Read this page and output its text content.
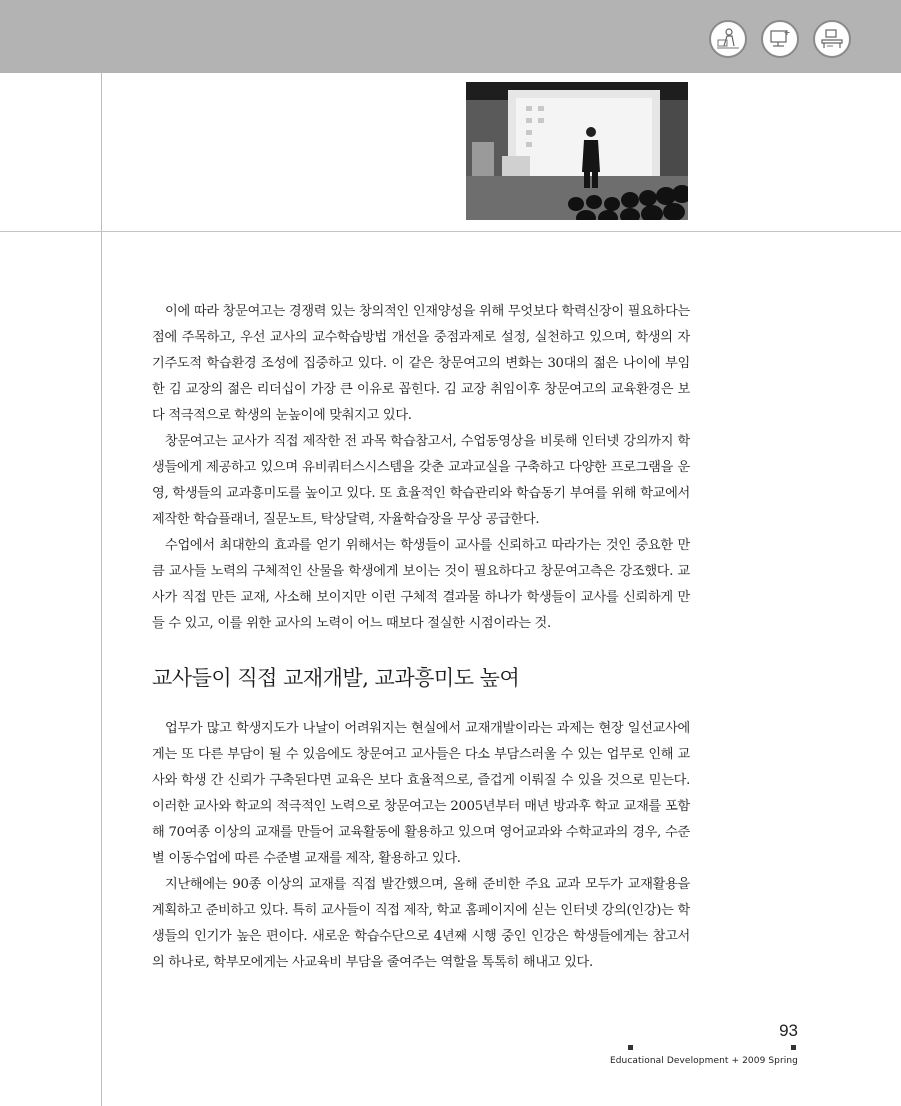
이에 따라 창문여고는 경쟁력 있는 창의적인 인재양성을 위해 무엇보다 학력신장이 필요하다는 점에 주목하고, 우선 교사의 교수학습방법 개선을 중점과제로 설정, 실천하고 있으며, 학생의 자기주도적 학습환경 조성에 집중하고 있다. 이 같은 창문여고의 변화는 30대의 젊은 나이에 부임한 김 교장의 젊은 리더십이 가장 큰 이유로 꼽힌다. 김 교장 취임이후 창문여고의 교육환경은 보다 적극적으로 학생의 눈높이에 맞춰지고 있다.

창문여고는 교사가 직접 제작한 전 과목 학습참고서, 수업동영상을 비롯해 인터넷 강의까지 학생들에게 제공하고 있으며 유비쿼터스시스템을 갖춘 교과교실을 구축하고 다양한 프로그램을 운영, 학생들의 교과흥미도를 높이고 있다. 또 효율적인 학습관리와 학습동기 부여를 위해 학교에서 제작한 학습플래너, 질문노트, 탁상달력, 자율학습장을 무상 공급한다.

수업에서 최대한의 효과를 얻기 위해서는 학생들이 교사를 신뢰하고 따라가는 것인 중요한 만큼 교사들 노력의 구체적인 산물을 학생에게 보이는 것이 필요하다고 창문여고측은 강조했다. 교사가 직접 만든 교재, 사소해 보이지만 이런 구체적 결과물 하나가 학생들이 교사를 신뢰하게 만들 수 있고, 이를 위한 교사의 노력이 어느 때보다 절실한 시점이라는 것.

교사들이 직접 교재개발, 교과흥미도 높여

업무가 많고 학생지도가 나날이 어려워지는 현실에서 교재개발이라는 과제는 현장 일선교사에게는 또 다른 부담이 될 수 있음에도 창문여고 교사들은 다소 부담스러울 수 있는 업무로 인해 교사와 학생 간 신뢰가 구축된다면 교육은 보다 효율적으로, 즐겁게 이뤄질 수 있을 것으로 믿는다. 이러한 교사와 학교의 적극적인 노력으로 창문여고는 2005년부터 매년 방과후 학교 교재를 포함해 70여종 이상의 교재를 만들어 교육활동에 활용하고 있으며 영어교과와 수학교과의 경우, 수준별 이동수업에 따른 수준별 교재를 제작, 활용하고 있다.

지난해에는 90종 이상의 교재를 직접 발간했으며, 올해 준비한 주요 교과 모두가 교재활용을 계획하고 준비하고 있다. 특히 교사들이 직접 제작, 학교 홈페이지에 싣는 인터넷 강의(인강)는 학생들의 인기가 높은 편이다. 새로운 학습수단으로 4년째 시행 중인 인강은 학생들에게는 참고서의 하나로, 학부모에게는 사교육비 부담을 줄여주는 역할을 톡톡히 해내고 있다.

93
Educational Development + 2009 Spring
